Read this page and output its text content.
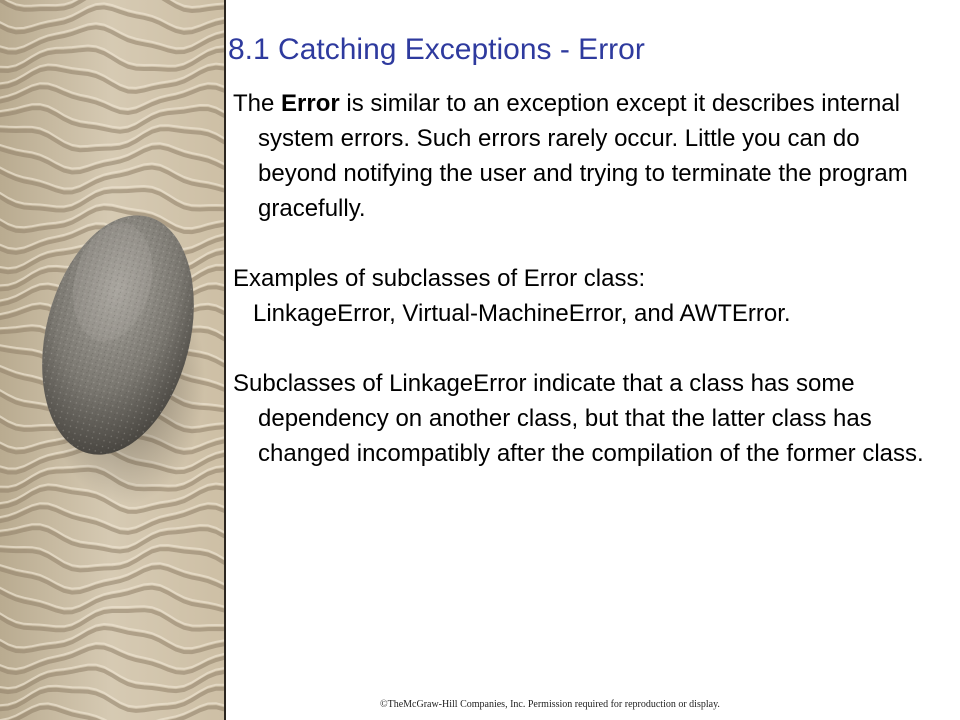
8.1 Catching Exceptions - Error

The Error is similar to an exception except it describes internal system errors. Such errors rarely occur. Little you can do beyond notifying the user and trying to terminate the program gracefully.

Examples of subclasses of Error class:

LinkageError, Virtual-MachineError, and AWTError.

Subclasses of LinkageError indicate that a class has some dependency on another class, but that the latter class has changed incompatibly after the compilation of the former class.

©TheMcGraw-Hill Companies, Inc. Permission required for reproduction or display.
